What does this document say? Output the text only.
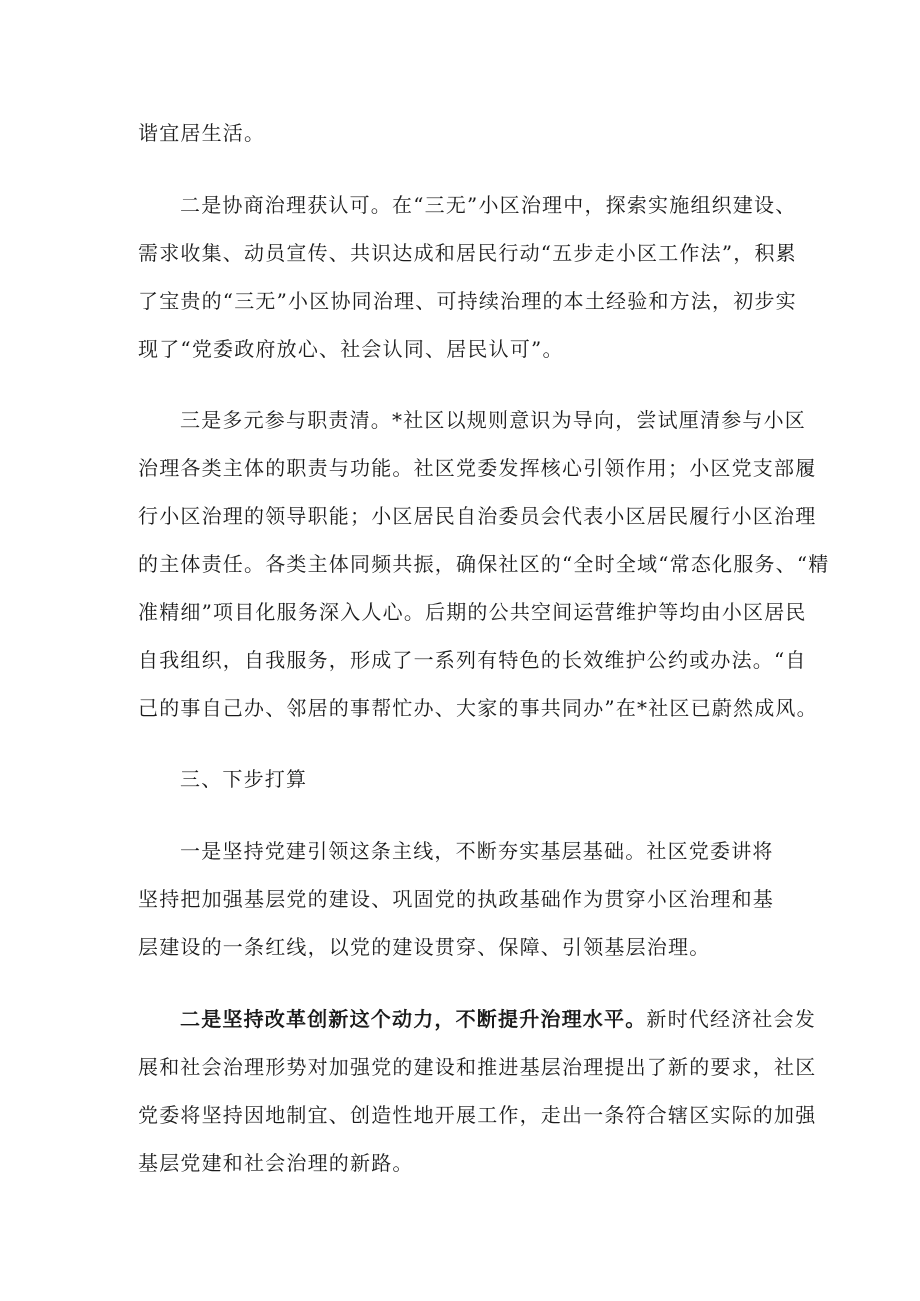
谐宜居生活。
二是协商治理获认可。在“三无”小区治理中，探索实施组织建设、
需求收集、动员宣传、共识达成和居民行动“五步走小区工作法”，积累
了宝贵的“三无”小区协同治理、可持续治理的本土经验和方法，初步实
现了“党委政府放心、社会认同、居民认可”。
三是多元参与职责清。*社区以规则意识为导向，尝试厘清参与小区
治理各类主体的职责与功能。社区党委发挥核心引领作用；小区党支部履
行小区治理的领导职能；小区居民自治委员会代表小区居民履行小区治理
的主体责任。各类主体同频共振，确保社区的“全时全域“常态化服务、“精
准精细”项目化服务深入人心。后期的公共空间运营维护等均由小区居民
自我组织，自我服务，形成了一系列有特色的长效维护公约或办法。“自
己的事自己办、邻居的事帮忙办、大家的事共同办”在*社区已蔚然成风。
三、下步打算
一是坚持党建引领这条主线，不断夯实基层基础。社区党委讲将
坚持把加强基层党的建设、巩固党的执政基础作为贯穿小区治理和基
层建设的一条红线，以党的建设贯穿、保障、引领基层治理。
二是坚持改革创新这个动力，不断提升治理水平。新时代经济社会发
展和社会治理形势对加强党的建设和推进基层治理提出了新的要求，社区
党委将坚持因地制宜、创造性地开展工作，走出一条符合辖区实际的加强
基层党建和社会治理的新路。
